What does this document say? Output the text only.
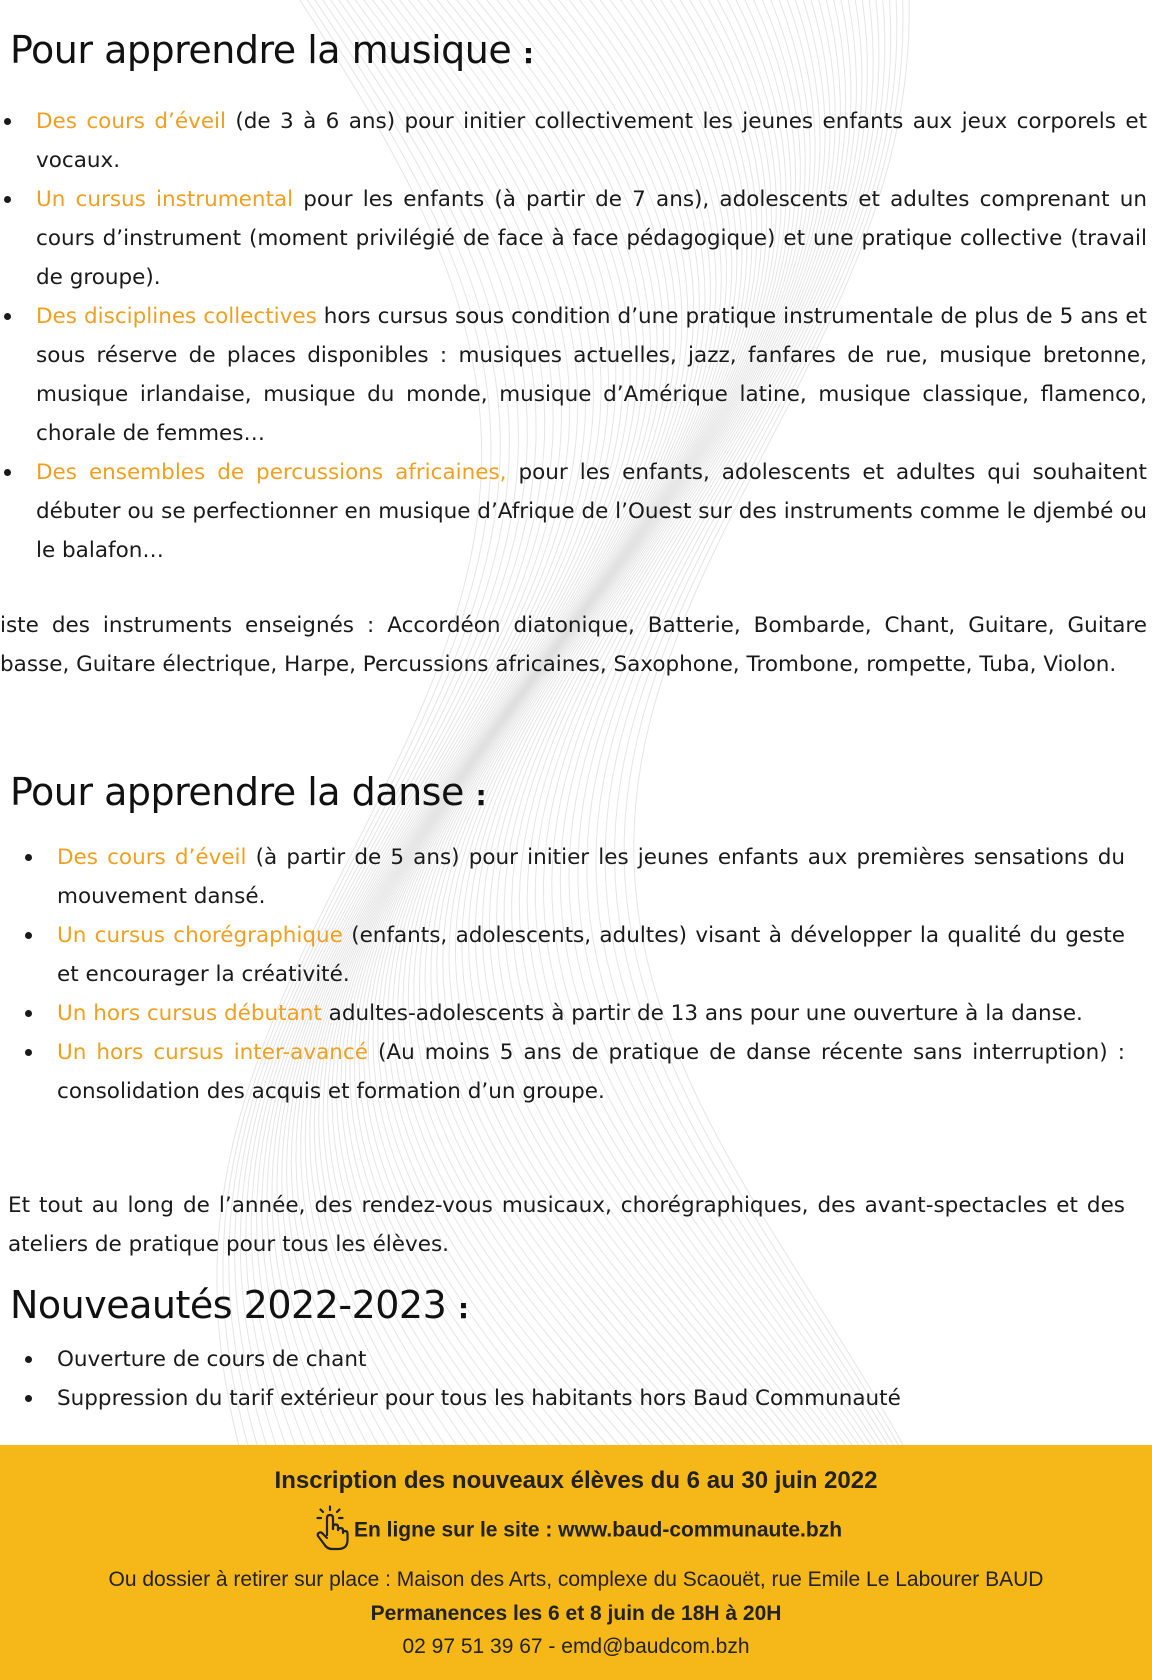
Pour apprendre la musique :
Des cours d’éveil (de 3 à 6 ans) pour initier collectivement les jeunes enfants aux jeux corporels et vocaux.
Un cursus instrumental pour les enfants (à partir de 7 ans), adolescents et adultes comprenant un cours d’instrument (moment privilégié de face à face pédagogique) et une pratique collective (travail de groupe).
Des disciplines collectives hors cursus sous condition d’une pratique instrumentale de plus de 5 ans et sous réserve de places disponibles : musiques actuelles, jazz, fanfares de rue, musique bretonne, musique irlandaise, musique du monde, musique d’Amérique latine, musique classique, flamenco, chorale de femmes…
Des ensembles de percussions africaines, pour les enfants, adolescents et adultes qui souhaitent débuter ou se perfectionner en musique d’Afrique de l’Ouest sur des instruments comme le djembé ou le balafon…

iste des instruments enseignés : Accordéon diatonique, Batterie, Bombarde, Chant, Guitare, Guitare basse, Guitare électrique, Harpe, Percussions africaines, Saxophone, Trombone, rompette, Tuba, Violon.

Pour apprendre la danse :
Des cours d’éveil (à partir de 5 ans) pour initier les jeunes enfants aux premières sensations du mouvement dansé.
Un cursus chorégraphique (enfants, adolescents, adultes) visant à développer la qualité du geste et encourager la créativité.
Un hors cursus débutant adultes-adolescents à partir de 13 ans pour une ouverture à la danse.
Un hors cursus inter-avancé (Au moins 5 ans de pratique de danse récente sans interruption) : consolidation des acquis et formation d’un groupe.

Et tout au long de l’année, des rendez-vous musicaux, chorégraphiques, des avant-spectacles et des ateliers de pratique pour tous les élèves.

Nouveautés 2022-2023 :
Ouverture de cours de chant
Suppression du tarif extérieur pour tous les habitants hors Baud Communauté
Inscription des nouveaux élèves du 6 au 30 juin 2022
En ligne sur le site : www.baud-communaute.bzh
Ou dossier à retirer sur place : Maison des Arts, complexe du Scaouët, rue Emile Le Labourer BAUD
Permanences les 6 et 8 juin de 18H à 20H
02 97 51 39 67 - emd@baudcom.bzh
